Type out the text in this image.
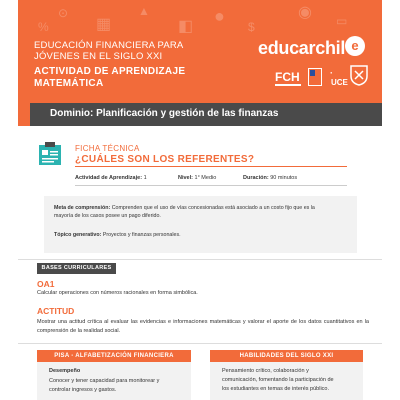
⊙
▦
▲
◧
●
$
◉ ▭
%
EDUCACIÓN FINANCIERA PARA JÓVENES EN EL SIGLO XXI
ACTIVIDAD DE APRENDIZAJE MATEMÁTICA
educarchil e
FCH	·
UCE
Dominio: Planificación y gestión de las finanzas
FICHA TÉCNICA
¿CUÁLES SON LOS REFERENTES?
Actividad de Aprendizaje: 1	Nivel: 1° Medio	Duración: 90 minutos
Meta de comprensión: Comprenden que el uso de vías concesionadas está asociado a un costo fijo que es la
mayoría de los casos posee un pago diferido.
Tópico generativo: Proyectos y finanzas personales.
BASES CURRICULARES
OA1
Calcular operaciones con números racionales en forma simbólica.
ACTITUD
Mostrar una actitud crítica al evaluar las evidencias e informaciones matemáticas y valorar el aporte de los datos cuantitativos en la comprensión de la realidad social.
PISA - ALFABETIZACIÓN FINANCIERA
Desempeño
Conocer y tener capacidad para monitorear y
controlar ingresos y gastos.
HABILIDADES DEL SIGLO XXI
Pensamiento crítico, colaboración y
comunicación, fomentando la participación de
los estudiantes en temas de interés público.
